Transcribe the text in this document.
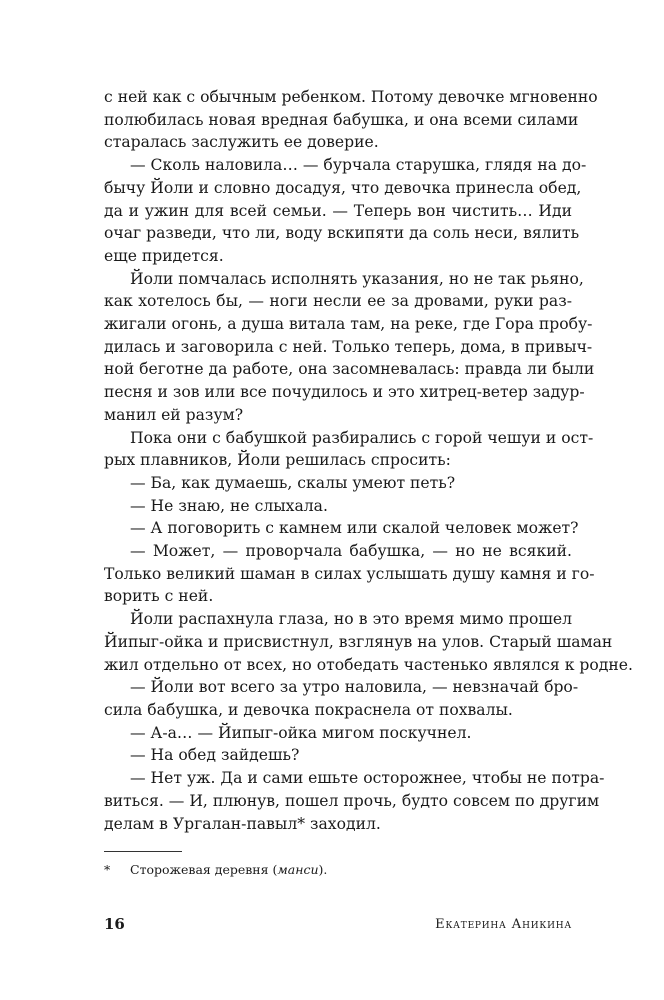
с ней как с обычным ребенком. Потому девочке мгновенно
полюбилась новая вредная бабушка, и она всеми силами
старалась заслужить ее доверие.
— Сколь наловила… — бурчала старушка, глядя на до-
бычу Йоли и словно досадуя, что девочка принесла обед,
да и ужин для всей семьи. — Теперь вон чистить… Иди
очаг разведи, что ли, воду вскипяти да соль неси, вялить
еще придется.
Йоли помчалась исполнять указания, но не так рьяно,
как хотелось бы, — ноги несли ее за дровами, руки раз-
жигали огонь, а душа витала там, на реке, где Гора пробу-
дилась и заговорила с ней. Только теперь, дома, в привыч-
ной беготне да работе, она засомневалась: правда ли были
песня и зов или все почудилось и это хитрец-ветер задур-
манил ей разум?
Пока они с бабушкой разбирались с горой чешуи и ост-
рых плавников, Йоли решилась спросить:
— Ба, как думаешь, скалы умеют петь?
— Не знаю, не слыхала.
— А поговорить с камнем или скалой человек может?
— Может, — проворчала бабушка, — но не всякий.
Только великий шаман в силах услышать душу камня и го-
ворить с ней.
Йоли распахнула глаза, но в это время мимо прошел
Йипыг-ойка и присвистнул, взглянув на улов. Старый шаман
жил отдельно от всех, но отобедать частенько являлся к родне.
— Йоли вот всего за утро наловила, — невзначай бро-
сила бабушка, и девочка покраснела от похвалы.
— А-а… — Йипыг-ойка мигом поскучнел.
— На обед зайдешь?
— Нет уж. Да и сами ешьте осторожнее, чтобы не потра-
виться. — И, плюнув, пошел прочь, будто совсем по другим
делам в Ургалан-павыл* заходил.
* Сторожевая деревня (манси).
16	Екатерина Аникина
